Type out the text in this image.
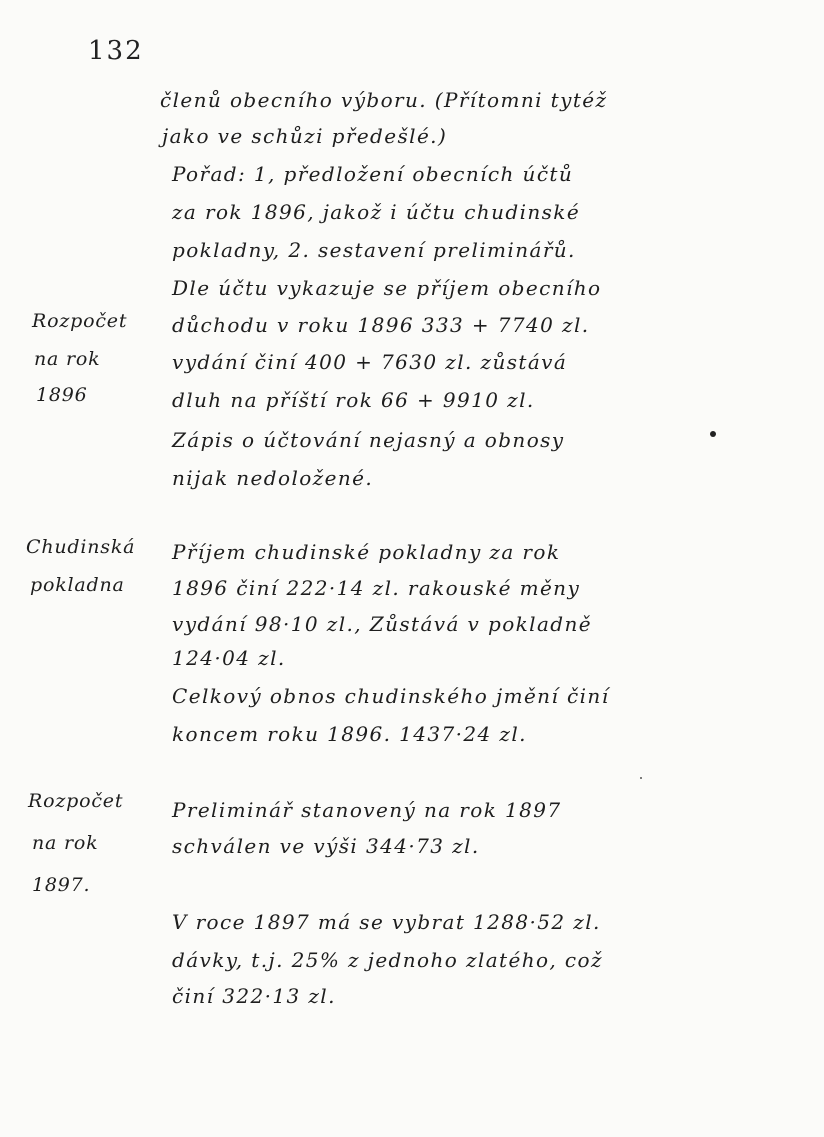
132
členů obecního výboru. (Přítomni tytéž
jako ve schůzi předešlé.)
Pořad: 1, předložení obecních účtů
za rok 1896, jakož i účtu chudinské
pokladny, 2. sestavení preliminářů.
Dle účtu vykazuje se příjem obecního
důchodu v roku 1896 333 + 7740 zl.
vydání činí 400 + 7630 zl. zůstává
dluh na příští rok 66 + 9910 zl.
Zápis o účtování nejasný a obnosy
nijak nedoložené.
Příjem chudinské pokladny za rok
1896 činí 222·14 zl. rakouské měny
vydání 98·10 zl., Zůstává v pokladně
124·04 zl.
Celkový obnos chudinského jmění činí
koncem roku 1896. 1437·24 zl.
Preliminář stanovený na rok 1897
schválen ve výši 344·73 zl.
V roce 1897 má se vybrat 1288·52 zl.
dávky, t.j. 25% z jednoho zlatého, což
činí 322·13 zl.
Rozpočet
na rok
1896
Chudinská
pokladna
Rozpočet
na rok
1897.
